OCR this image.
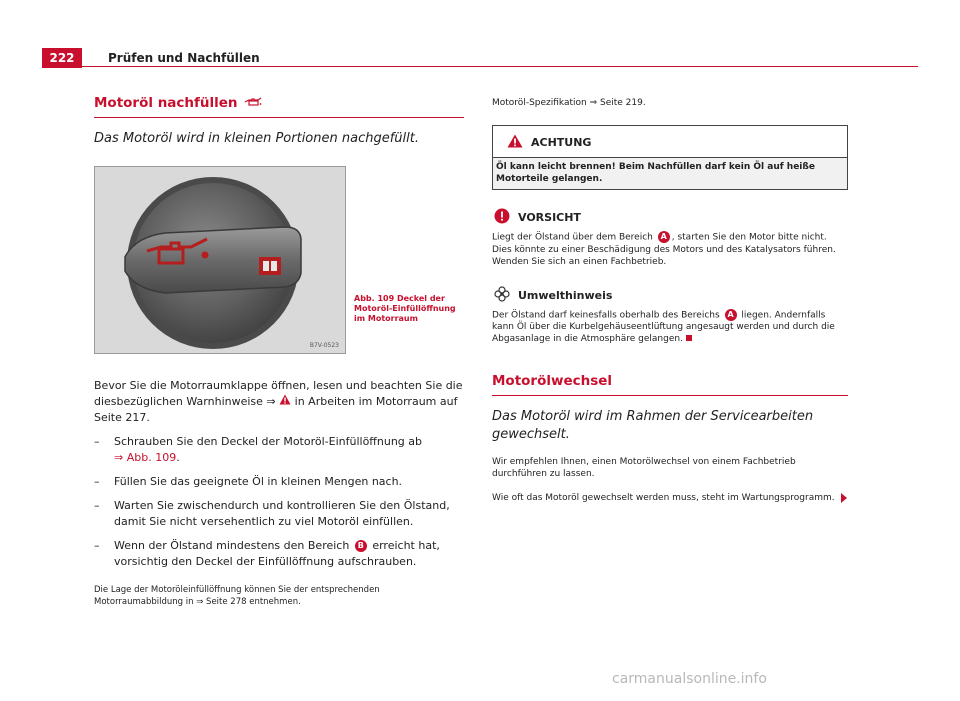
222	Prüfen und Nachfüllen
Motoröl nachfüllen
Das Motoröl wird in kleinen Portionen nachgefüllt.
B7V-0523
Abb. 109 Deckel der Motoröl-Einfüllöffnung im Motorraum

Bevor Sie die Motorraumklappe öffnen, lesen und beachten Sie die diesbezüglichen Warnhinweise ⇒  in Arbeiten im Motorraum auf Seite 217.

–	Schrauben Sie den Deckel der Motoröl-Einfüllöffnung ab
⇒ Abb. 109.
–	Füllen Sie das geeignete Öl in kleinen Mengen nach.
–	Warten Sie zwischendurch und kontrollieren Sie den Ölstand, damit Sie nicht versehentlich zu viel Motoröl einfüllen.
–	Wenn der Ölstand mindestens den Bereich B erreicht hat, vorsichtig den Deckel der Einfüllöffnung aufschrauben.

Die Lage der Motoröleinfüllöffnung können Sie der entsprechenden Motorraumabbildung in ⇒ Seite 278 entnehmen.

Motoröl-Spezifikation ⇒ Seite 219.

ACHTUNG
Öl kann leicht brennen! Beim Nachfüllen darf kein Öl auf heiße Motorteile gelangen.
VORSICHT

Liegt der Ölstand über dem Bereich A , starten Sie den Motor bitte nicht. Dies könnte zu einer Beschädigung des Motors und des Katalysators führen. Wenden Sie sich an einen Fachbetrieb.

Umwelthinweis

Der Ölstand darf keinesfalls oberhalb des Bereichs A liegen. Andernfalls kann Öl über die Kurbelgehäuseentlüftung angesaugt werden und durch die Abgasanlage in die Atmosphäre gelangen.

Motorölwechsel
Das Motoröl wird im Rahmen der Servicearbeiten gewechselt.

Wir empfehlen Ihnen, einen Motorölwechsel von einem Fachbetrieb durchführen zu lassen.

Wie oft das Motoröl gewechselt werden muss, steht im Wartungsprogramm.

carmanualsonline.info
